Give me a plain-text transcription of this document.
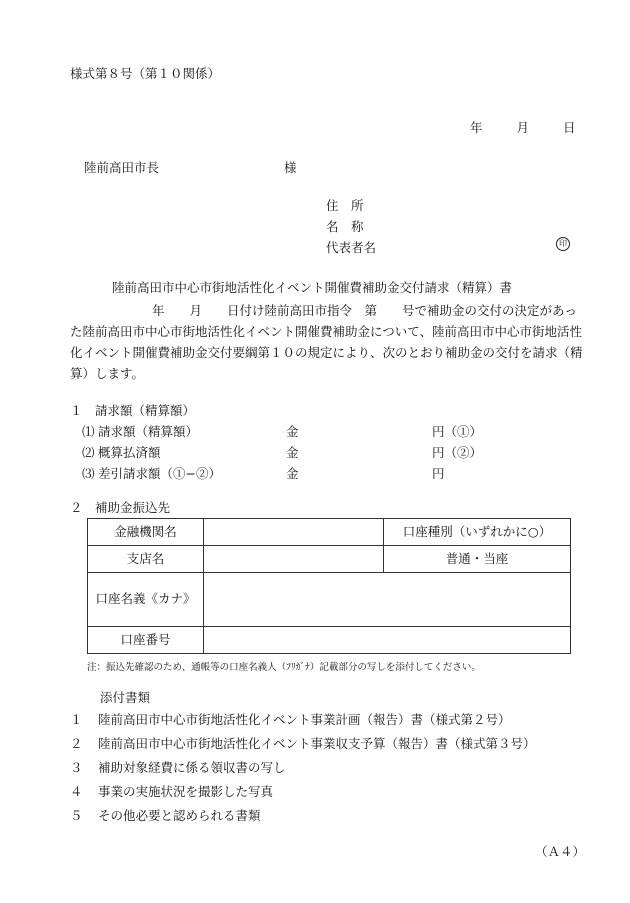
様式第８号（第１０関係）
年	月	日
陸前高田市長	様
住　所
名　称
代表者名	印
陸前高田市中心市街地活性化イベント開催費補助金交付請求（精算）書
年　　月　　日付け陸前高田市指令　第　　号で補助金の交付の決定があった陸前高田市中心市街地活性化イベント開催費補助金について、陸前高田市中心市街地活性化イベント開催費補助金交付要綱第１０の規定により、次のとおり補助金の交付を請求（精算）します。
１　請求額（精算額）
⑴ 請求額（精算額）	金	円（①）
⑵ 概算払済額	金	円（②）
⑶ 差引請求額（①−②）	金	円
２　補助金振込先
金融機関名		口座種別（いずれかに○）
支店名		普通・当座
口座名義《カナ》		
口座番号		
注：振込先確認のため、通帳等の口座名義人（ﾌﾘｶﾞﾅ）記載部分の写しを添付してください。
添付書類
１ 陸前高田市中心市街地活性化イベント事業計画（報告）書（様式第２号）
２ 陸前高田市中心市街地活性化イベント事業収支予算（報告）書（様式第３号）
３ 補助対象経費に係る領収書の写し
４ 事業の実施状況を撮影した写真
５ その他必要と認められる書類
（Ａ４）
